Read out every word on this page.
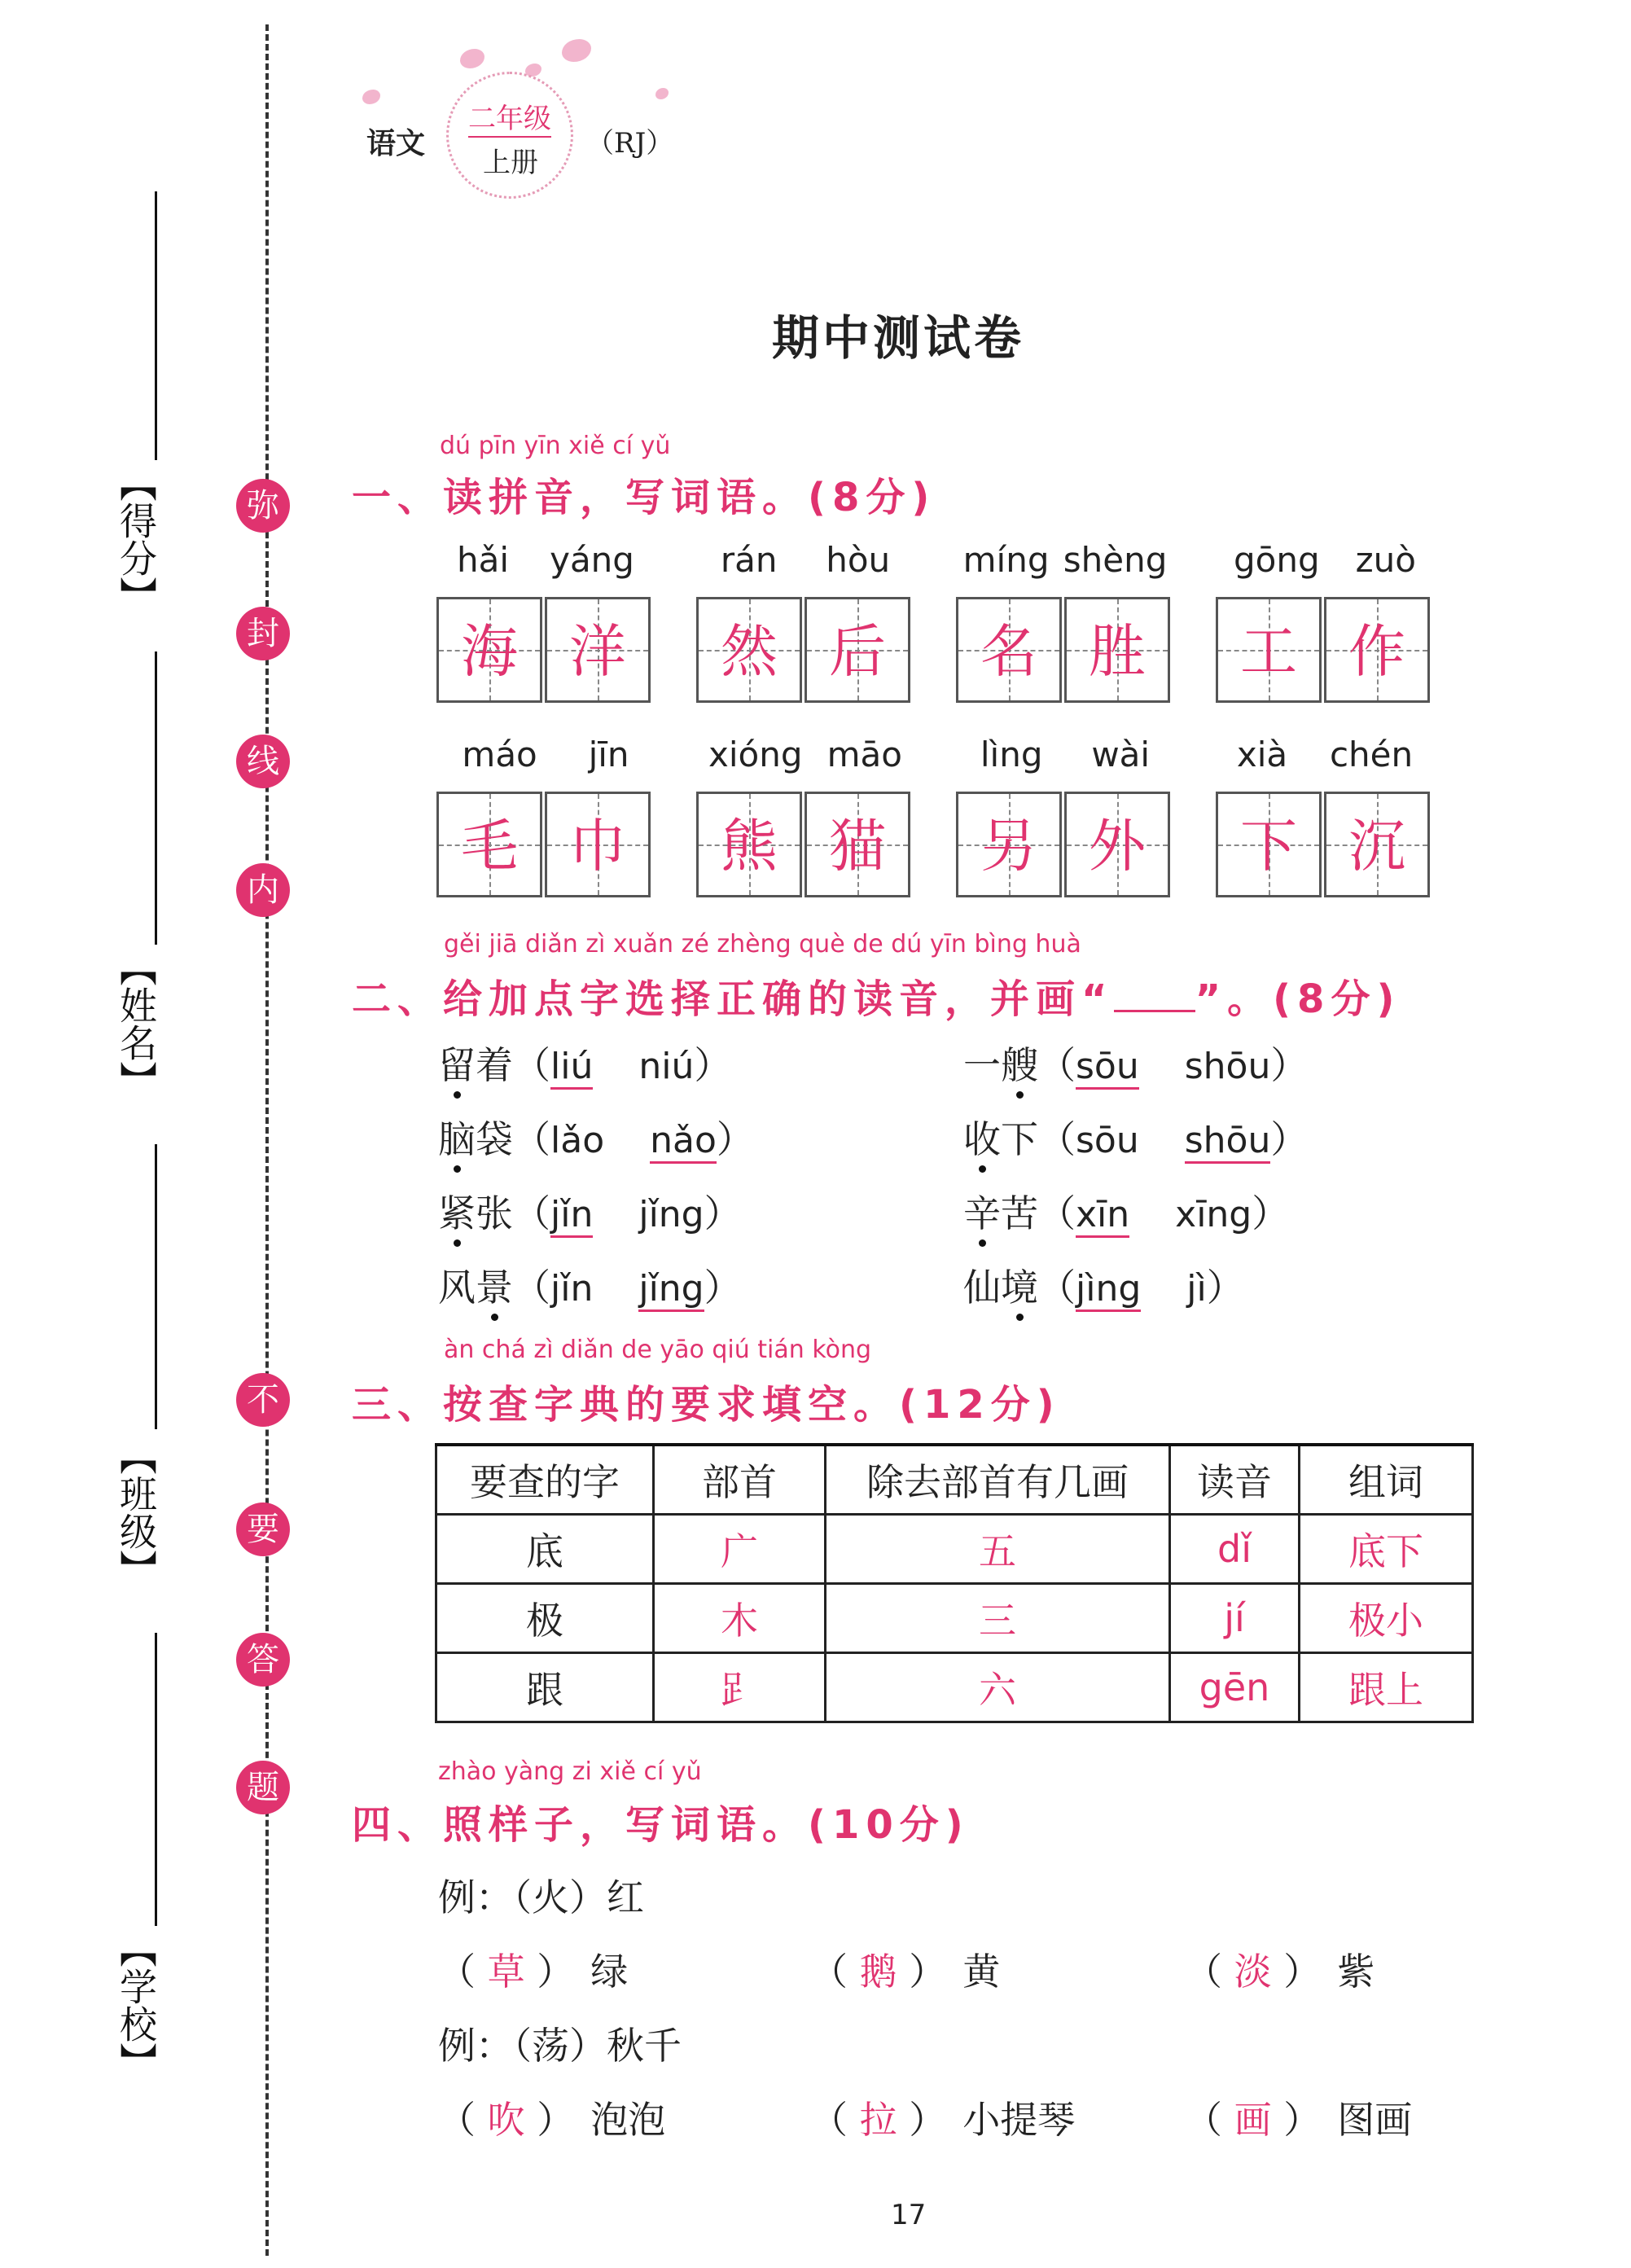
弥
封
线
内
不
要
答
题
【得分】
【姓名】
【班级】
【学校】
语文
二年级
上册
（RJ）
期中测试卷
dú pīn yīn xiě cí yǔ
一、读拼音，写词语。(8分)
hǎi yáng
海 洋
rán hòu
然 后
míng shèng
名 胜
gōng zuò
工 作
máo jīn
毛 巾
xióng māo
熊 猫
lìng wài
另 外
xià chén
下 沉
gěi jiā diǎn zì xuǎn zé zhèng què de dú yīn bìng huà
二、给加点字选择正确的读音，并画“ ”。(8分)
留着（liú niú）	一艘（sōu shōu）
脑袋（lǎo nǎo）	收下（sōu shōu）
紧张（jǐn jǐng）	辛苦（xīn xīng）
风景（jǐn jǐng）	仙境（jìng jì）
àn chá zì diǎn de yāo qiú tián kòng
三、按查字典的要求填空。(12分)
要查的字	部首	除去部首有几画	读音	组词
底	广	五	dǐ	底下
极	木	三	jí	极小
跟	𧾷	六	gēn	跟上
zhào yàng zi xiě cí yǔ
四、照样子，写词语。(10分)
例：（火）红
（ 草 ） 绿	（ 鹅 ） 黄	（ 淡 ） 紫
例：（荡）秋千
（ 吹 ） 泡泡	（ 拉 ） 小提琴	（ 画 ） 图画
17
